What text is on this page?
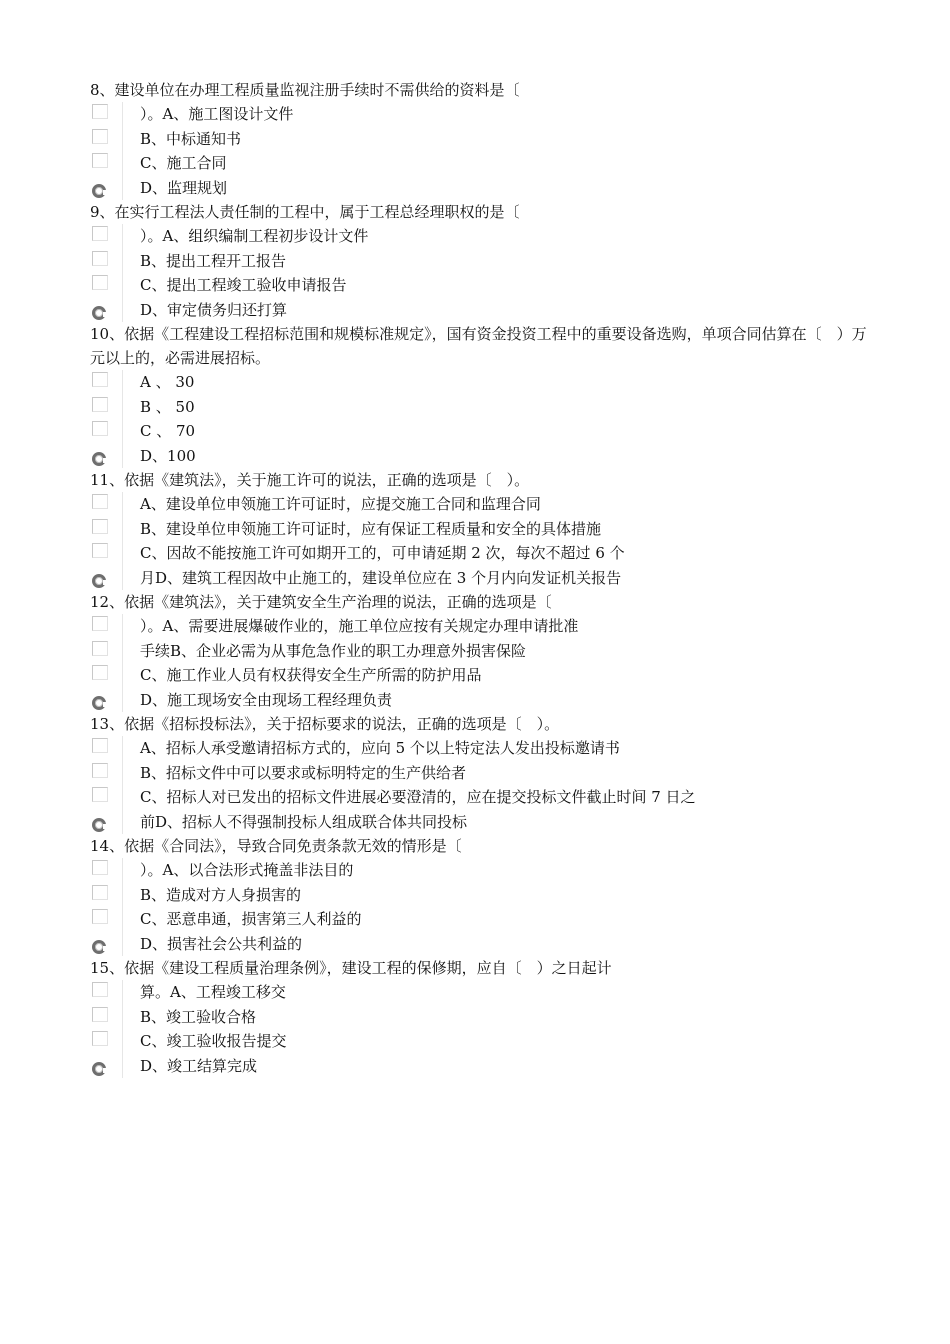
8、建设单位在办理工程质量监视注册手续时不需供给的资料是〔
）。A、施工图设计文件
B、中标通知书
C、施工合同
D、监理规划
9、在实行工程法人责任制的工程中，属于工程总经理职权的是〔
）。A、组织编制工程初步设计文件
B、提出工程开工报告
C、提出工程竣工验收申请报告
D、审定债务归还打算
10、依据《工程建设工程招标范围和规模标准规定》，国有资金投资工程中的重要设备选购，单项合同估算在〔　）万元以上的，必需进展招标。
A 、 30
B 、 50
C 、 70
D、100
11、依据《建筑法》，关于施工许可的说法，正确的选项是〔　）。
A、建设单位申领施工许可证时，应提交施工合同和监理合同
B、建设单位申领施工许可证时，应有保证工程质量和安全的具体措施
C、因故不能按施工许可如期开工的，可申请延期 2 次，每次不超过 6 个
月D、建筑工程因故中止施工的，建设单位应在 3 个月内向发证机关报告
12、依据《建筑法》，关于建筑安全生产治理的说法，正确的选项是〔
）。A、需要进展爆破作业的，施工单位应按有关规定办理申请批准
手续B、企业必需为从事危急作业的职工办理意外损害保险
C、施工作业人员有权获得安全生产所需的防护用品
D、施工现场安全由现场工程经理负责
13、依据《招标投标法》，关于招标要求的说法，正确的选项是〔　）。
A、招标人承受邀请招标方式的，应向 5 个以上特定法人发出投标邀请书
B、招标文件中可以要求或标明特定的生产供给者
C、招标人对已发出的招标文件进展必要澄清的，应在提交投标文件截止时间 7 日之
前D、招标人不得强制投标人组成联合体共同投标
14、依据《合同法》，导致合同免责条款无效的情形是〔
）。A、以合法形式掩盖非法目的
B、造成对方人身损害的
C、恶意串通，损害第三人利益的
D、损害社会公共利益的
15、依据《建设工程质量治理条例》，建设工程的保修期，应自〔　）之日起计
算。A、工程竣工移交
B、竣工验收合格
C、竣工验收报告提交
D、竣工结算完成
